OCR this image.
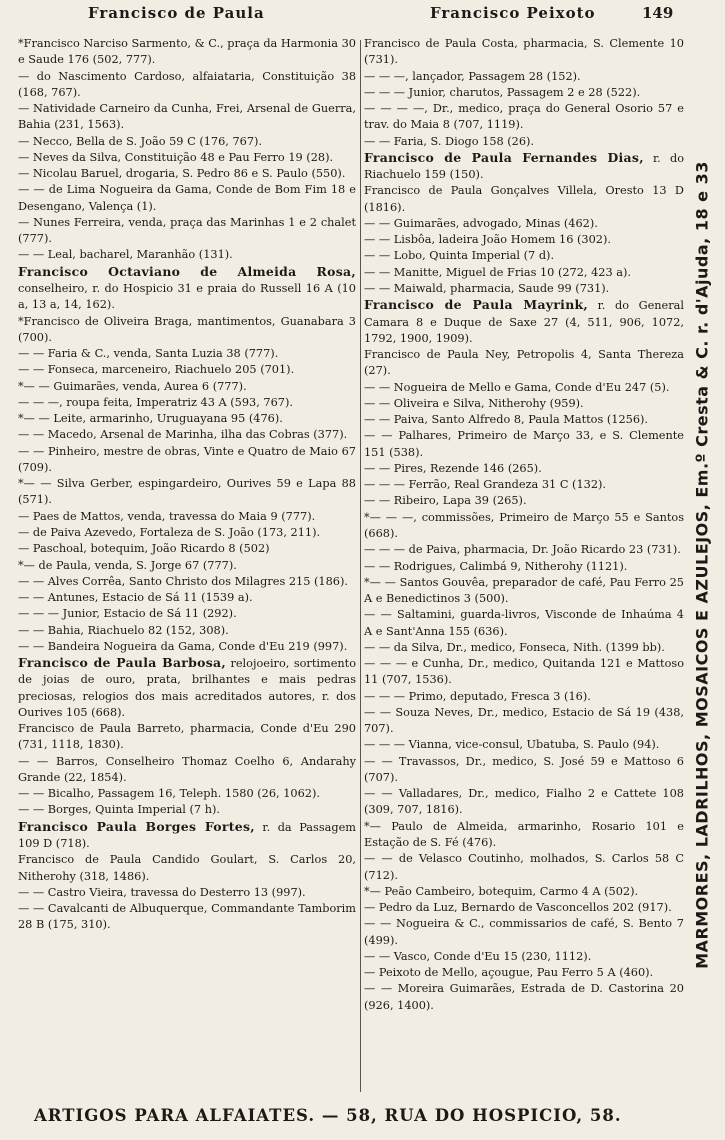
Francisco de Paula	Francisco Peixoto	149
*Francisco Narciso Sarmento, & C., praça da Harmonia 30 e Saude 176 (502, 777).
— do Nascimento Cardoso, alfaiataria, Constituição 38 (168, 767).
— Natividade Carneiro da Cunha, Frei, Arsenal de Guerra, Bahia (231, 1563).
— Necco, Bella de S. João 59 C (176, 767).
— Neves da Silva, Constituição 48 e Pau Ferro 19 (28).
— Nicolau Baruel, drogaria, S. Pedro 86 e S. Paulo (550).
— — de Lima Nogueira da Gama, Conde de Bom Fim 18 e Desengano, Valença (1).
— Nunes Ferreira, venda, praça das Marinhas 1 e 2 chalet (777).
— — Leal, bacharel, Maranhão (131).
Francisco Octaviano de Almeida Rosa, conselheiro, r. do Hospicio 31 e praia do Russell 16 A (10 a, 13 a, 14, 162).
*Francisco de Oliveira Braga, mantimentos, Guanabara 3 (700).
— — Faria & C., venda, Santa Luzia 38 (777).
— — Fonseca, marceneiro, Riachuelo 205 (701).
*— — Guimarães, venda, Aurea 6 (777).
— — —, roupa feita, Imperatriz 43 A (593, 767).
*— — Leite, armarinho, Uruguayana 95 (476).
— — Macedo, Arsenal de Marinha, ilha das Cobras (377).
— — Pinheiro, mestre de obras, Vinte e Quatro de Maio 67 (709).
*— — Silva Gerber, espingardeiro, Ourives 59 e Lapa 88 (571).
— Paes de Mattos, venda, travessa do Maia 9 (777).
— de Paiva Azevedo, Fortaleza de S. João (173, 211).
— Paschoal, botequim, João Ricardo 8 (502)
*— de Paula, venda, S. Jorge 67 (777).
— — Alves Corrêa, Santo Christo dos Milagres 215 (186).
— — Antunes, Estacio de Sá 11 (1539 a).
— — — Junior, Estacio de Sá 11 (292).
— — Bahia, Riachuelo 82 (152, 308).
— — Bandeira Nogueira da Gama, Conde d'Eu 219 (997).
Francisco de Paula Barbosa, relojoeiro, sortimento de joias de ouro, prata, brilhantes e mais pedras preciosas, relogios dos mais acreditados autores, r. dos Ourives 105 (668).
Francisco de Paula Barreto, pharmacia, Conde d'Eu 290 (731, 1118, 1830).
— — Barros, Conselheiro Thomaz Coelho 6, Andarahy Grande (22, 1854).
— — Bicalho, Passagem 16, Teleph. 1580 (26, 1062).
— — Borges, Quinta Imperial (7 h).
Francisco Paula Borges Fortes, r. da Passagem 109 D (718).
Francisco de Paula Candido Goulart, S. Carlos 20, Nitherohy (318, 1486).
— — Castro Vieira, travessa do Desterro 13 (997).
— — Cavalcanti de Albuquerque, Commandante Tamborim 28 B (175, 310).
Francisco de Paula Costa, pharmacia, S. Clemente 10 (731).
— — —, lançador, Passagem 28 (152).
— — — Junior, charutos, Passagem 2 e 28 (522).
— — — —, Dr., medico, praça do General Osorio 57 e trav. do Maia 8 (707, 1119).
— — Faria, S. Diogo 158 (26).
Francisco de Paula Fernandes Dias, r. do Riachuelo 159 (150).
Francisco de Paula Gonçalves Villela, Oresto 13 D (1816).
— — Guimarães, advogado, Minas (462).
— — Lisbôa, ladeira João Homem 16 (302).
— — Lobo, Quinta Imperial (7 d).
— — Manitte, Miguel de Frias 10 (272, 423 a).
— — Maiwald, pharmacia, Saude 99 (731).
Francisco de Paula Mayrink, r. do General Camara 8 e Duque de Saxe 27 (4, 511, 906, 1072, 1792, 1900, 1909).
Francisco de Paula Ney, Petropolis 4, Santa Thereza (27).
— — Nogueira de Mello e Gama, Conde d'Eu 247 (5).
— — Oliveira e Silva, Nitherohy (959).
— — Paiva, Santo Alfredo 8, Paula Mattos (1256).
— — Palhares, Primeiro de Março 33, e S. Clemente 151 (538).
— — Pires, Rezende 146 (265).
— — — Ferrão, Real Grandeza 31 C (132).
— — Ribeiro, Lapa 39 (265).
*— — —, commissões, Primeiro de Março 55 e Santos (668).
— — — de Paiva, pharmacia, Dr. João Ricardo 23 (731).
— — Rodrigues, Calimbá 9, Nitherohy (1121).
*— — Santos Gouvêa, preparador de café, Pau Ferro 25 A e Benedictinos 3 (500).
— — Saltamini, guarda-livros, Visconde de Inhaúma 4 A e Sant'Anna 155 (636).
— — da Silva, Dr., medico, Fonseca, Nith. (1399 bb).
— — — e Cunha, Dr., medico, Quitanda 121 e Mattoso 11 (707, 1536).
— — — Primo, deputado, Fresca 3 (16).
— — Souza Neves, Dr., medico, Estacio de Sá 19 (438, 707).
— — — Vianna, vice-consul, Ubatuba, S. Paulo (94).
— — Travassos, Dr., medico, S. José 59 e Mattoso 6 (707).
— — Valladares, Dr., medico, Fialho 2 e Cattete 108 (309, 707, 1816).
*— Paulo de Almeida, armarinho, Rosario 101 e Estação de S. Fé (476).
— — de Velasco Coutinho, molhados, S. Carlos 58 C (712).
*— Peão Cambeiro, botequim, Carmo 4 A (502).
— Pedro da Luz, Bernardo de Vasconcellos 202 (917).
— — Nogueira & C., commissarios de café, S. Bento 7 (499).
— — Vasco, Conde d'Eu 15 (230, 1112).
— Peixoto de Mello, açougue, Pau Ferro 5 A (460).
— — Moreira Guimarães, Estrada de D. Castorina 20 (926, 1400).
MARMORES, LADRILHOS, MOSAICOS E AZULEJOS, Em.º Cresta & C. r. d'Ajuda, 18 e 33
ARTIGOS PARA ALFAIATES. — 58, RUA DO HOSPICIO, 58.
